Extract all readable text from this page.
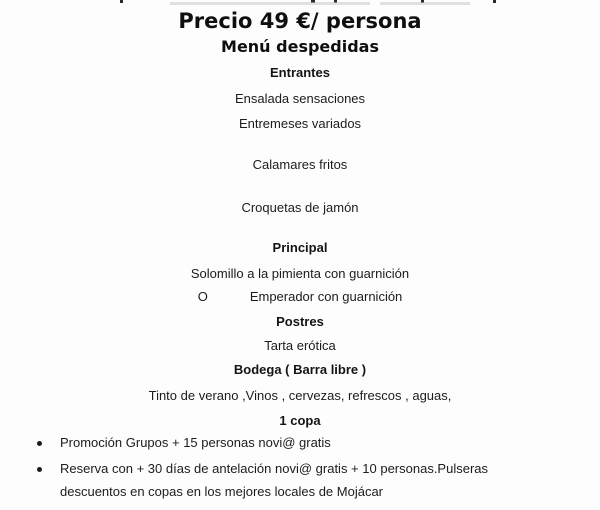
Precio 49 €/ persona
Menú despedidas
Entrantes
Ensalada sensaciones
Entremeses variados
Calamares fritos
Croquetas de jamón
Principal
Solomillo a la pimienta con guarnición
O	Emperador con guarnición
Postres
Tarta erótica
Bodega ( Barra libre )
Tinto de verano ,Vinos , cervezas, refrescos , aguas,
1 copa
Promoción Grupos + 15 personas novi@ gratis
Reserva con + 30 días de antelación novi@ gratis + 10 personas.Pulseras
descuentos en copas en los mejores locales de Mojácar
